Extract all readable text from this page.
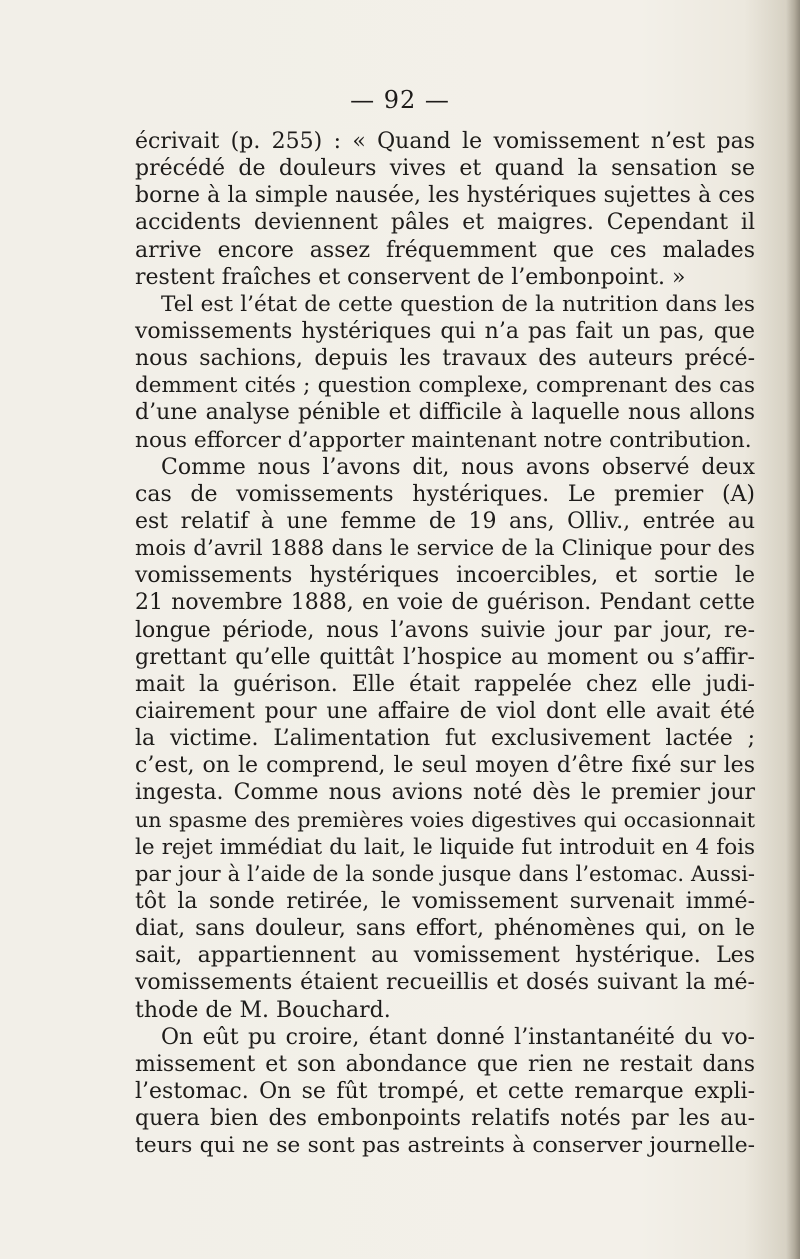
— 92 —
écrivait (p. 255) : « Quand le vomissement n’est pas
précédé de douleurs vives et quand la sensation se
borne à la simple nausée, les hystériques sujettes à ces
accidents deviennent pâles et maigres. Cependant il
arrive encore assez fréquemment que ces malades
restent fraîches et conservent de l’embonpoint. »
Tel est l’état de cette question de la nutrition dans les
vomissements hystériques qui n’a pas fait un pas, que
nous sachions, depuis les travaux des auteurs précé-
demment cités ; question complexe, comprenant des cas
d’une analyse pénible et difficile à laquelle nous allons
nous efforcer d’apporter maintenant notre contribution.
Comme nous l’avons dit, nous avons observé deux
cas de vomissements hystériques. Le premier (A)
est relatif à une femme de 19 ans, Olliv., entrée au
mois d’avril 1888 dans le service de la Clinique pour des
vomissements hystériques incoercibles, et sortie le
21 novembre 1888, en voie de guérison. Pendant cette
longue période, nous l’avons suivie jour par jour, re-
grettant qu’elle quittât l’hospice au moment ou s’affir-
mait la guérison. Elle était rappelée chez elle judi-
ciairement pour une affaire de viol dont elle avait été
la victime. L’alimentation fut exclusivement lactée ;
c’est, on le comprend, le seul moyen d’être fixé sur les
ingesta. Comme nous avions noté dès le premier jour
un spasme des premières voies digestives qui occasionnait
le rejet immédiat du lait, le liquide fut introduit en 4 fois
par jour à l’aide de la sonde jusque dans l’estomac. Aussi-
tôt la sonde retirée, le vomissement survenait immé-
diat, sans douleur, sans effort, phénomènes qui, on le
sait, appartiennent au vomissement hystérique. Les
vomissements étaient recueillis et dosés suivant la mé-
thode de M. Bouchard.
On eût pu croire, étant donné l’instantanéité du vo-
missement et son abondance que rien ne restait dans
l’estomac. On se fût trompé, et cette remarque expli-
quera bien des embonpoints relatifs notés par les au-
teurs qui ne se sont pas astreints à conserver journelle-
